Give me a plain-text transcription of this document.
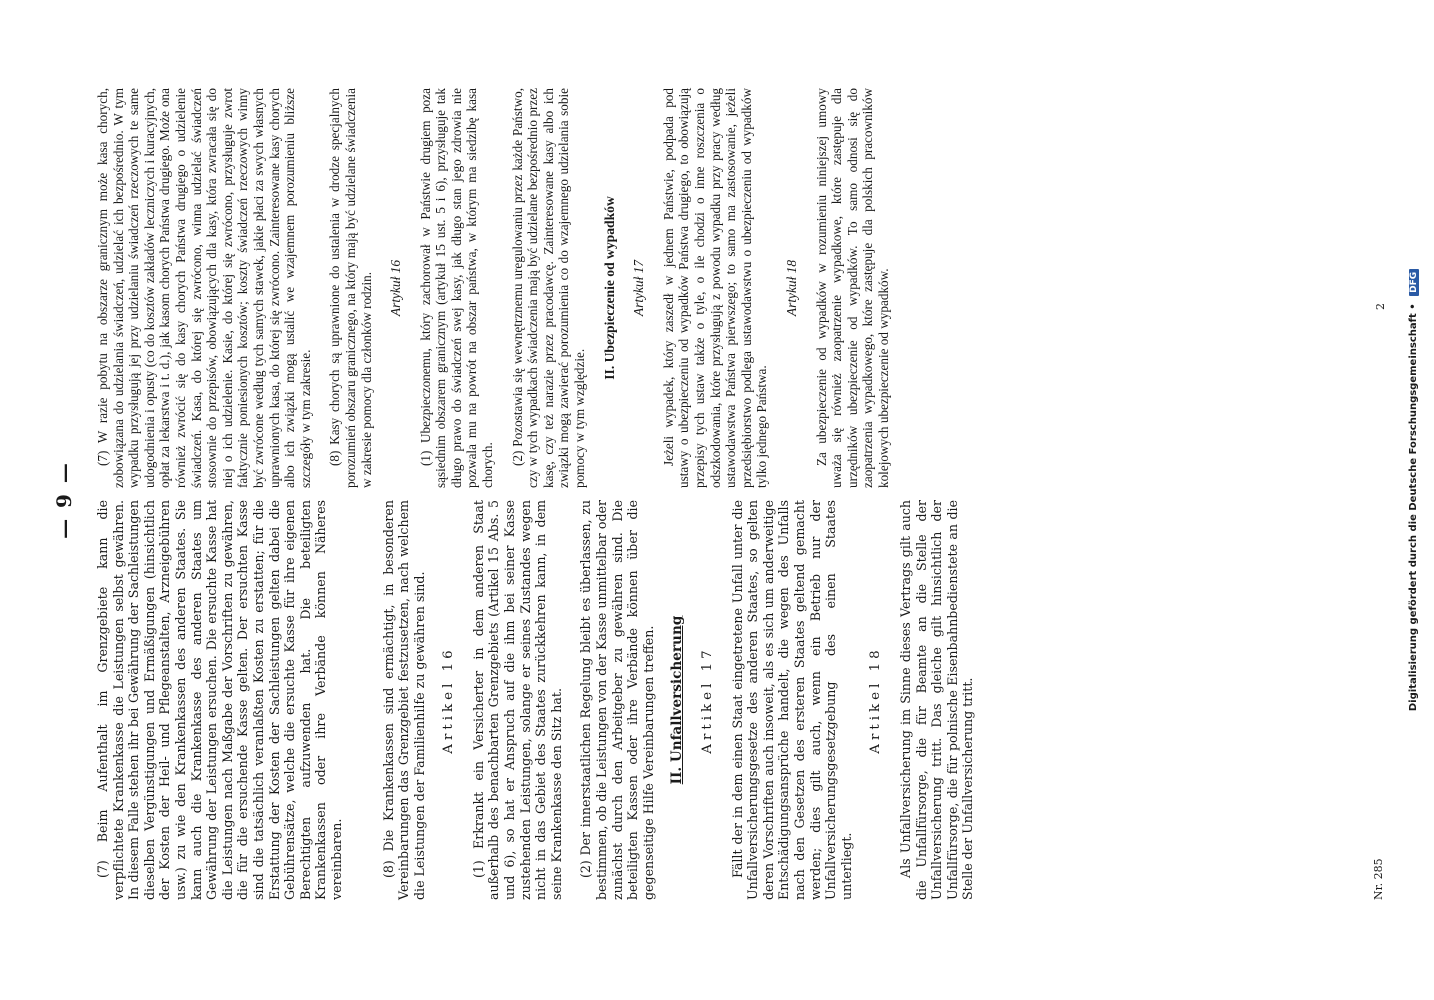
— 9 — (7) Beim Aufenthalt im Grenzgebiete kann die verpflichtete Krankenkasse die Leistungen selbst gewähren. In diesem Falle stehen ihr bei Gewährung der Sachleistungen dieselben Vergünstigungen und Ermäßigungen (hinsichtlich der Kosten der Heil- und Pflegeanstalten, Arzneigebühren usw.) zu wie den Krankenkassen des anderen Staates. Sie kann auch die Krankenkasse des anderen Staates um Gewährung der Leistungen ersuchen. Die ersuchte Kasse hat die Leistungen nach Maßgabe der Vorschriften zu gewähren, die für die ersuchende Kasse gelten. Der ersuchten Kasse sind die tatsächlich veranlaßten Kosten zu erstatten; für die Erstattung der Kosten der Sachleistungen gelten dabei die Gebührensätze, welche die ersuchte Kasse für ihre eigenen Berechtigten aufzuwenden hat. Die beteiligten Krankenkassen oder ihre Verbände können Näheres vereinbaren.	(8) Die Krankenkassen sind ermächtigt, in besonderen Vereinbarungen das Grenzgebiet festzusetzen, nach welchem die Leistungen der Familienhilfe zu gewähren sind. Artikel 16 (1) Erkrankt ein Versicherter in dem anderen Staat außerhalb des benachbarten Grenzgebiets (Artikel 15 Abs. 5 und 6), so hat er Anspruch auf die ihm bei seiner Kasse zustehenden Leistungen, solange er seines Zustandes wegen nicht in das Gebiet des Staates zurückkehren kann, in dem seine Krankenkasse den Sitz hat. (2) Der innerstaatlichen Regelung bleibt es überlassen, zu bestimmen, ob die Leistungen von der Kasse unmittelbar oder zunächst durch den Arbeitgeber zu gewähren sind. Die beteiligten Kassen oder ihre Verbände können über die gegenseitige Hilfe Vereinbarungen treffen. II. Unfallversicherung Artikel 17 Fällt der in dem einen Staat eingetretene Unfall unter die Unfallversicherungsgesetze des anderen Staates, so gelten deren Vorschriften auch insoweit, als es sich um anderweitige Entschädigungsansprüche handelt, die wegen des Unfalls nach den Gesetzen des ersteren Staates geltend gemacht werden; dies gilt auch, wenn ein Betrieb nur der Unfallversicherungsgesetzgebung des einen Staates unterliegt.

Artikel 18 Als Unfallversicherung im Sinne dieses Vertrags gilt auch die Unfallfürsorge, die für Beamte an die Stelle der Unfallversicherung tritt. Das gleiche gilt hinsichtlich der Unfallfürsorge, die für polnische Eisenbahnbedienstete an die Stelle der Unfallversicherung tritt.

(7) W razie pobytu na obszarze granicznym może kasa chorych, zobowiązana do udzielania świadczeń, udzielać ich bezpośrednio. W tym wypadku przysługują jej przy udzielaniu świadczeń rzeczowych te same udogodnienia i opusty (co do kosztów zakładów leczniczych i kuracyjnych, opłat za lekarstwa i t. d.), jak kasom chorych Państwa drugiego. Może ona również zwrócić się do kasy chorych Państwa drugiego o udzielenie świadczeń. Kasa, do której się zwrócono, winna udzielać świadczeń stosownie do przepisów, obowiązujących dla kasy, która zwracała się do niej o ich udzielenie. Kasie, do której się zwrócono, przysługuje zwrot faktycznie poniesionych kosztów; koszty świadczeń rzeczowych winny być zwrócone według tych samych stawek, jakie płaci za swych własnych uprawnionych kasa, do której się zwrócono. Zainteresowane kasy chorych albo ich związki mogą ustalić we wzajemnem porozumieniu bliższe szczegóły w tym zakresie. (8) Kasy chorych są uprawnione do ustalenia w drodze specjalnych porozumień obszaru granicznego, na który mają być udzielane świadczenia w zakresie pomocy dla członków rodzin. Artykuł 16 (1) Ubezpieczonemu, który zachorował w Państwie drugiem poza sąsiednim obszarem granicznym (artykuł 15 ust. 5 i 6), przysługuje tak długo prawo do świadczeń swej kasy, jak długo stan jego zdrowia nie pozwala mu na powrót na obszar państwa, w którym ma siedzibę kasa chorych. (2) Pozostawia się wewnętrznemu uregulowaniu przez każde Państwo, czy w tych wypadkach świadczenia mają być udzielane bezpośrednio przez kasę, czy też narazie przez pracodawcę. Zainteresowane kasy albo ich związki mogą zawierać porozumienia co do wzajemnego udzielania sobie pomocy w tym względzie.

II. Ubezpieczenie od wypadków Artykuł 17 Jeżeli wypadek, który zaszedł w jednem Państwie, podpada pod ustawy o ubezpieczeniu od wypadków Państwa drugiego, to obowiązują przepisy tych ustaw także o tyle, o ile chodzi o inne roszczenia o odszkodowania, które przysługują z powodu wypadku przy pracy według ustawodawstwa Państwa pierwszego; to samo ma zastosowanie, jeżeli przedsiębiorstwo podlega ustawodawstwu o ubezpieczeniu od wypadków tylko jednego Państwa.

Artykuł 18 Za ubezpieczenie od wypadków w rozumieniu niniejszej umowy uważa się również zaopatrzenie wypadkowe, które zastępuje dla urzędników ubezpieczenie od wypadków. To samo odnosi się do zaopatrzenia wypadkowego, które zastępuje dla polskich pracowników kolejowych ubezpieczenie od wypadków.

Nr. 285
2 Digitalisierung gefördert durch die Deutsche Forschungsgemeinschaft • DFG
